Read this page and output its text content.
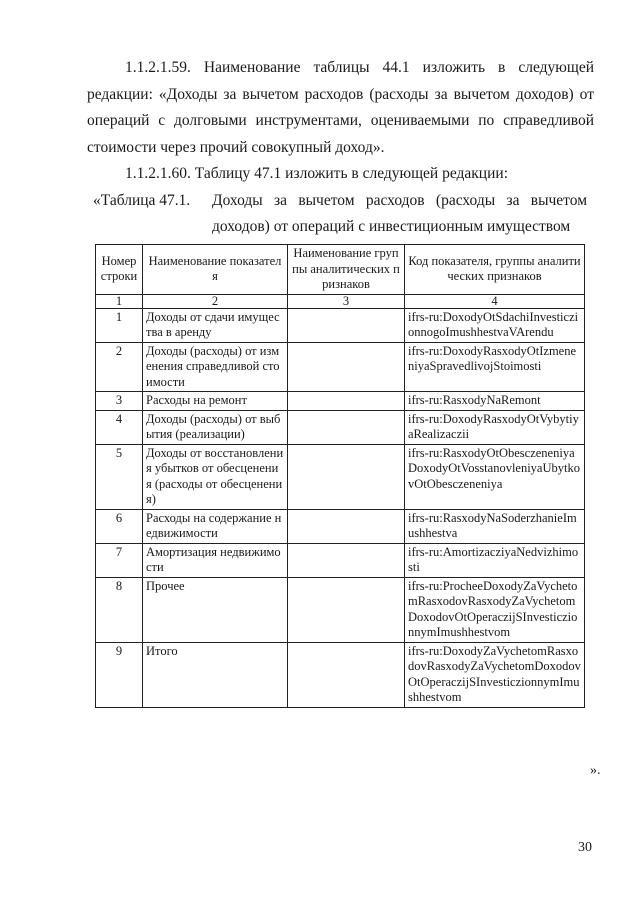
1.1.2.1.59. Наименование таблицы 44.1 изложить в следующей редакции: «Доходы за вычетом расходов (расходы за вычетом доходов) от операций с долговыми инструментами, оцениваемыми по справедливой стоимости через прочий совокупный доход».
1.1.2.1.60. Таблицу 47.1 изложить в следующей редакции:
«Таблица 47.1. Доходы за вычетом расходов (расходы за вычетом
доходов) от операций с инвестиционным имуществом
Номер строки	Наименование показателя	Наименование группы аналитических признаков	Код показателя, группы аналитических признаков
1	2	3	4
1	Доходы от сдачи имущества в аренду		ifrs-ru:DoxodyOtSdachiInvesticzionnogoImushhestvaVArendu
2	Доходы (расходы) от изменения справедливой стоимости		ifrs-ru:DoxodyRasxodyOtIzmeneniyaSpravedlivojStoimosti
3	Расходы на ремонт		ifrs-ru:RasxodyNaRemont
4	Доходы (расходы) от выбытия (реализации)		ifrs-ru:DoxodyRasxodyOtVybytiyaRealizaczii
5	Доходы от восстановления убытков от обесценения (расходы от обесценения)		ifrs-ru:RasxodyOtObesczeneniyaDoxodyOtVosstanovleniyaUbytkovOtObesczeneniya
6	Расходы на содержание недвижимости		ifrs-ru:RasxodyNaSoderzhanieImushhestva
7	Амортизация недвижимости		ifrs-ru:AmortizacziyaNedvizhimosti
8	Прочее		ifrs-ru:ProcheeDoxodyZaVychetomRasxodovRasxodyZaVychetomDoxodovOtOperaczijSInvesticzionnymImushhestvom
9	Итого		ifrs-ru:DoxodyZaVychetomRasxodovRasxodyZaVychetomDoxodovOtOperaczijSInvesticzionnymImushhestvom
».
30
